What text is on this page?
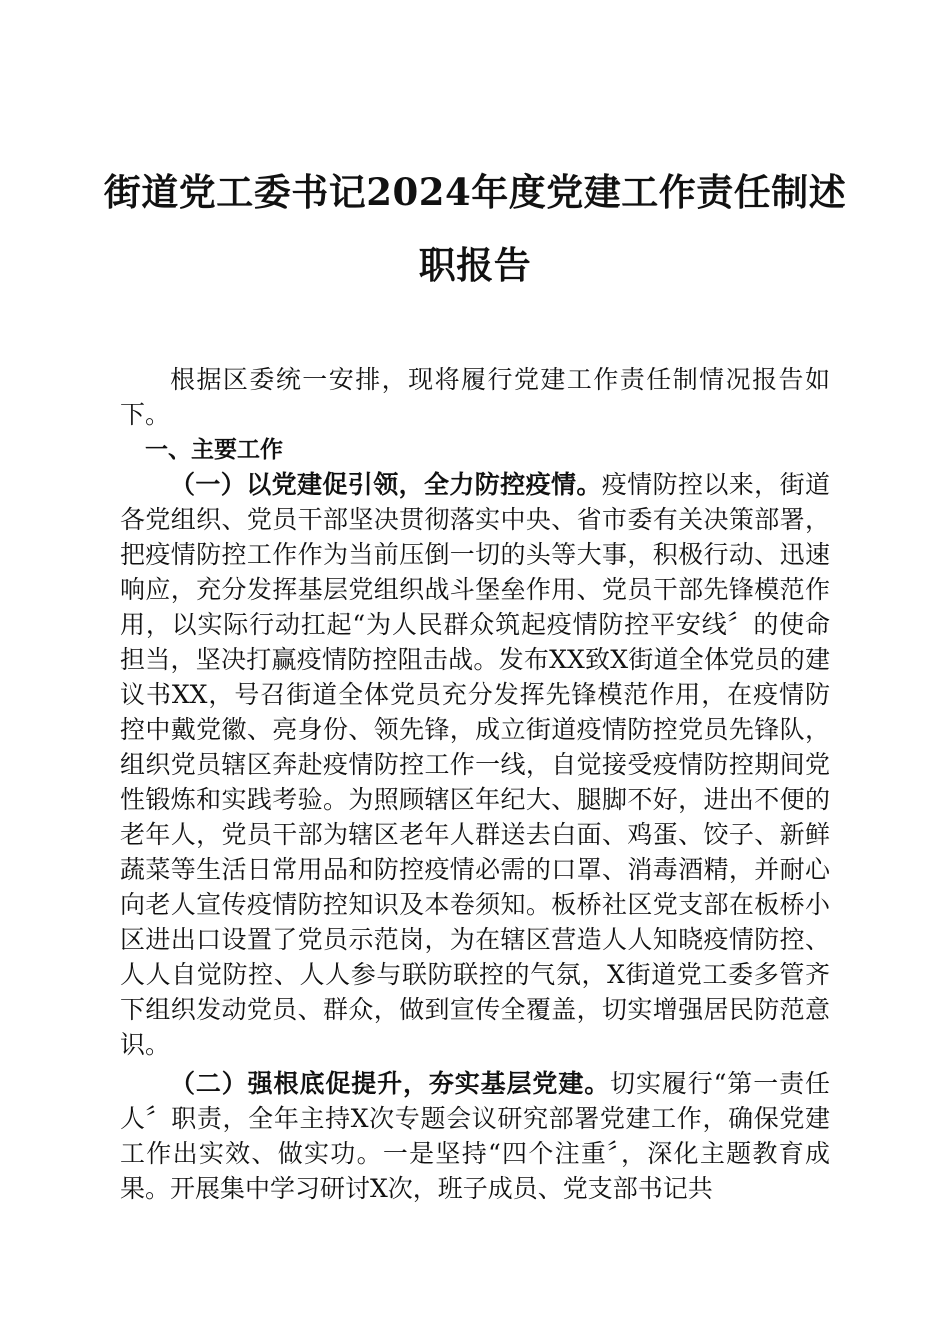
街道党工委书记2024年度党建工作责任制述
职报告

根据区委统一安排，现将履行党建工作责任制情况报告如下。

一、主要工作

（一）以党建促引领，全力防控疫情。疫情防控以来，街道各党组织、党员干部坚决贯彻落实中央、省市委有关决策部署，把疫情防控工作作为当前压倒一切的头等大事，积极行动、迅速响应，充分发挥基层党组织战斗堡垒作用、党员干部先锋模范作用，以实际行动扛起“为人民群众筑起疫情防控平安线〞的使命担当，坚决打赢疫情防控阻击战。发布XX致X街道全体党员的建议书XX，号召街道全体党员充分发挥先锋模范作用，在疫情防控中戴党徽、亮身份、领先锋，成立街道疫情防控党员先锋队，组织党员辖区奔赴疫情防控工作一线，自觉接受疫情防控期间党性锻炼和实践考验。为照顾辖区年纪大、腿脚不好，进出不便的老年人，党员干部为辖区老年人群送去白面、鸡蛋、饺子、新鲜蔬菜等生活日常用品和防控疫情必需的口罩、消毒酒精，并耐心向老人宣传疫情防控知识及本卷须知。板桥社区党支部在板桥小区进出口设置了党员示范岗，为在辖区营造人人知晓疫情防控、人人自觉防控、人人参与联防联控的气氛，X街道党工委多管齐下组织发动党员、群众，做到宣传全覆盖，切实增强居民防范意识。

（二）强根底促提升，夯实基层党建。切实履行“第一责任人〞职责，全年主持X次专题会议研究部署党建工作，确保党建工作出实效、做实功。一是坚持“四个注重〞，深化主题教育成果。开展集中学习研讨X次，班子成员、党支部书记共
